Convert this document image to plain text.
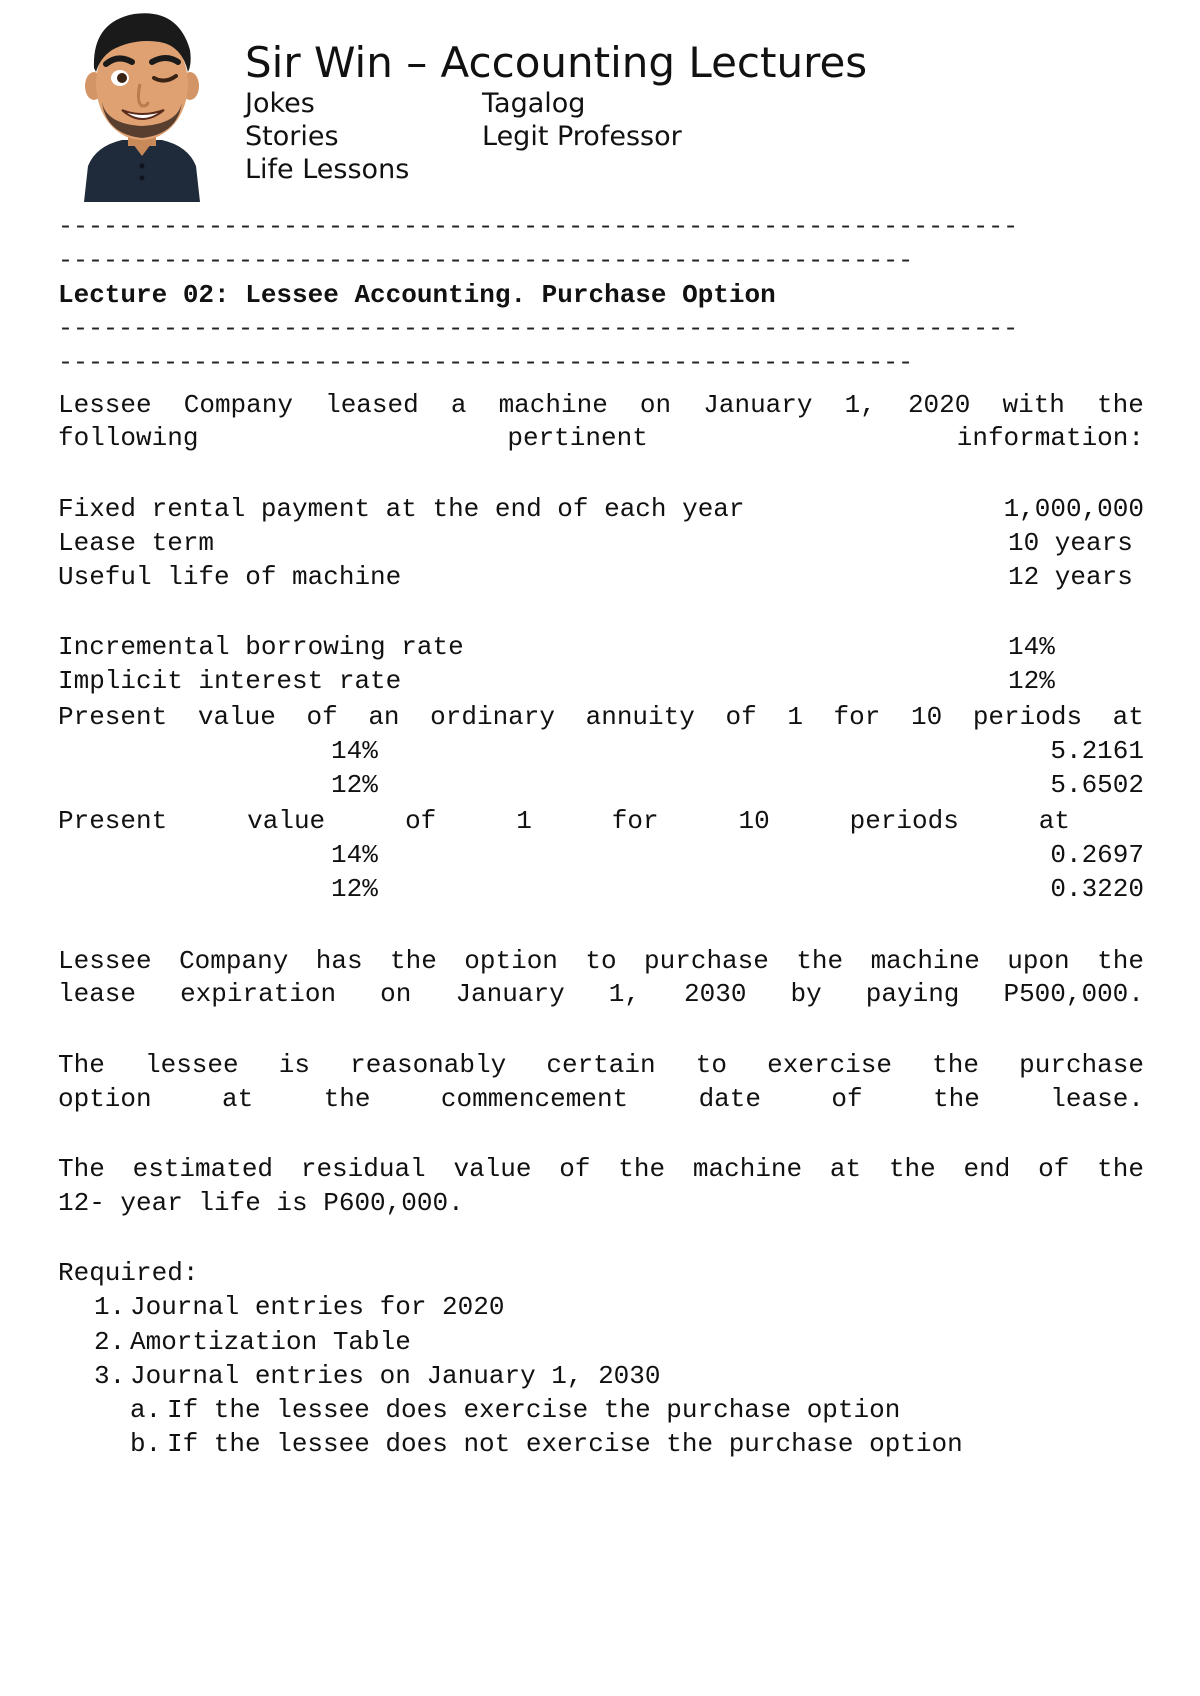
Sir Win – Accounting Lectures
Jokes	Tagalog
Stories	Legit Professor
Life Lessons
----------------------------------------------------------------
---------------------------------------------------------
Lecture 02: Lessee Accounting. Purchase Option
----------------------------------------------------------------
---------------------------------------------------------
Lessee Company leased a machine on January 1, 2020 with the
following	pertinent	information:
Fixed rental payment at the end of each year	1,000,000
Lease term	10 years
Useful life of machine	12 years
Incremental borrowing rate	14%
Implicit interest rate	12%
Present value of an ordinary annuity of 1 for 10 periods at
14%	5.2161
12%	5.6502
Present	value	of	1	for	10	periods	at
14%	0.2697
12%	0.3220
Lessee Company has the option to purchase the machine upon the
lease expiration on January 1, 2030 by paying P500,000.
The lessee is reasonably certain to exercise the purchase
option	at	the	commencement	date	of	the	lease.
The estimated residual value of the machine at the end of the
12- year life is P600,000.
Required:
1. Journal entries for 2020
2. Amortization Table
3. Journal entries on January 1, 2030
a. If the lessee does exercise the purchase option
b. If the lessee does not exercise the purchase option
